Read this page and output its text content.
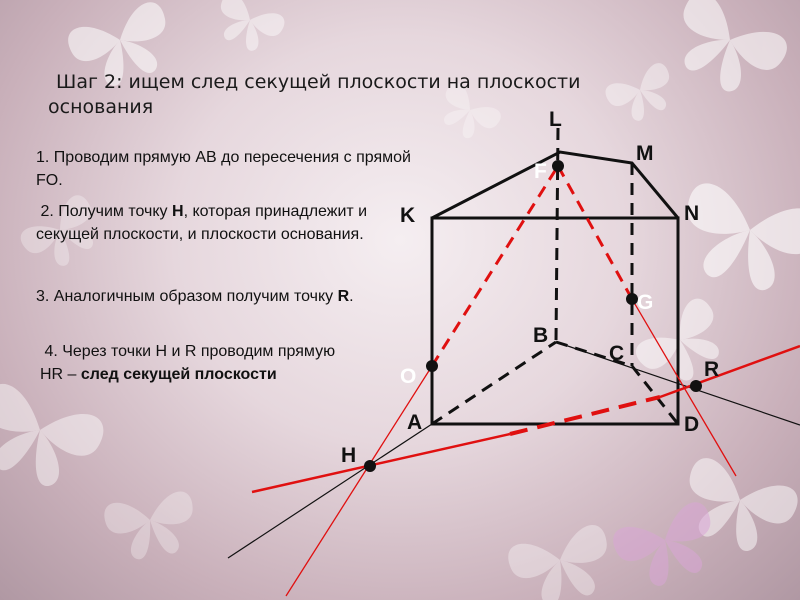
Шаг 2: ищем след секущей плоскости на плоскости основания
1. Проводим прямую АВ до пересечения с прямой FO.
2. Получим точку Н, которая принадлежит и секущей плоскости, и плоскости основания.
3. Аналогичным образом получим точку R.
4. Через точки Н и R проводим прямую HR – след секущей плоскости
L
M
K	N
F
G
B
C
O	R
A	D
H
